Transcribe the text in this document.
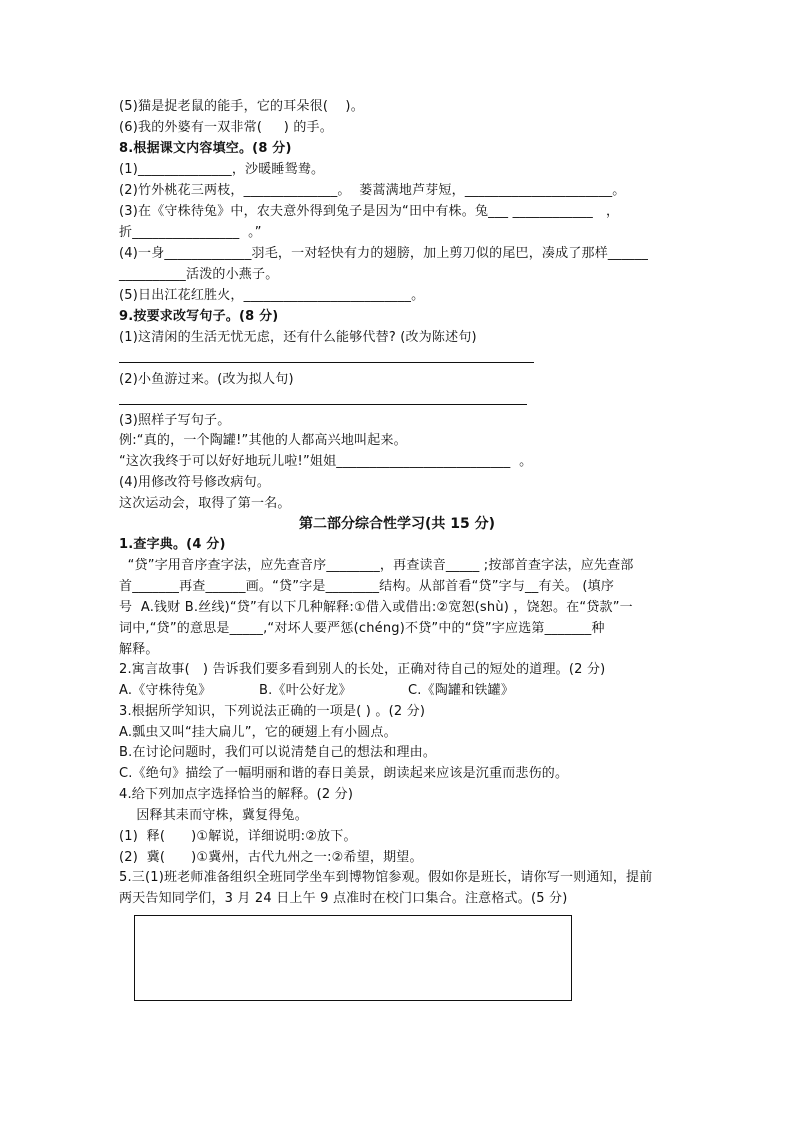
(5)猫是捉老鼠的能手，它的耳朵很(    )。
(6)我的外婆有一双非常(     ) 的手。
8.根据课文内容填空。(8 分)
(1)______________，沙暖睡鸳鸯。
(2)竹外桃花三两枝，______________。  蒌蒿满地芦芽短，______________________。
(3)在《守株待兔》中，农夫意外得到兔子是因为“田中有株。兔___ ____________   ，
折________________  。”
(4)一身_____________羽毛，一对轻快有力的翅膀，加上剪刀似的尾巴，凑成了那样______
__________活泼的小燕子。
(5)日出江花红胜火，_________________________。
9.按要求改写句子。(8 分)
(1)这清闲的生活无忧无虑，还有什么能够代替? (改为陈述句)
(2)小鱼游过来。(改为拟人句)
(3)照样子写句子。
例:“真的，一个陶罐!”其他的人都高兴地叫起来。
“这次我终于可以好好地玩儿啦!”姐姐__________________________  。
(4)用修改符号修改病句。
这次运动会，取得了第一名。
第二部分综合性学习(共 15 分)
1.查字典。(4 分)
“贷”字用音序查字法，应先查音序________，再查读音_____ ;按部首查字法，应先查部
首_______再查______画。“贷”字是________结构。从部首看“贷”字与__有关。 (填序
号  A.钱财 B.丝线)“贷”有以下几种解释:①借入或借出:②宽恕(shù) ，饶恕。在“贷款”一
词中,“贷”的意思是_____,“对坏人要严惩(chéng)不贷”中的“贷”字应选第_______种
解释。
2.寓言故事(   ) 告诉我们要多看到别人的长处，正确对待自己的短处的道理。(2 分)
A.《守株待兔》           B.《叶公好龙》             C.《陶罐和铁罐》
3.根据所学知识，下列说法正确的一项是( ) 。(2 分)
A.瓢虫又叫“挂大扁儿”，它的硬翅上有小圆点。
B.在讨论问题时，我们可以说清楚自己的想法和理由。
C.《绝句》描绘了一幅明丽和谐的春日美景，朗读起来应该是沉重而悲伤的。
4.给下列加点字选择恰当的解释。(2 分)
因释其耒而守株，冀复得兔。
(1)  释(      )①解说，详细说明:②放下。
(2)  冀(      )①冀州，古代九州之一:②希望，期望。
5.三(1)班老师准备组织全班同学坐车到博物馆参观。假如你是班长，请你写一则通知，提前
两天告知同学们，3 月 24 日上午 9 点准时在校门口集合。注意格式。(5 分)
